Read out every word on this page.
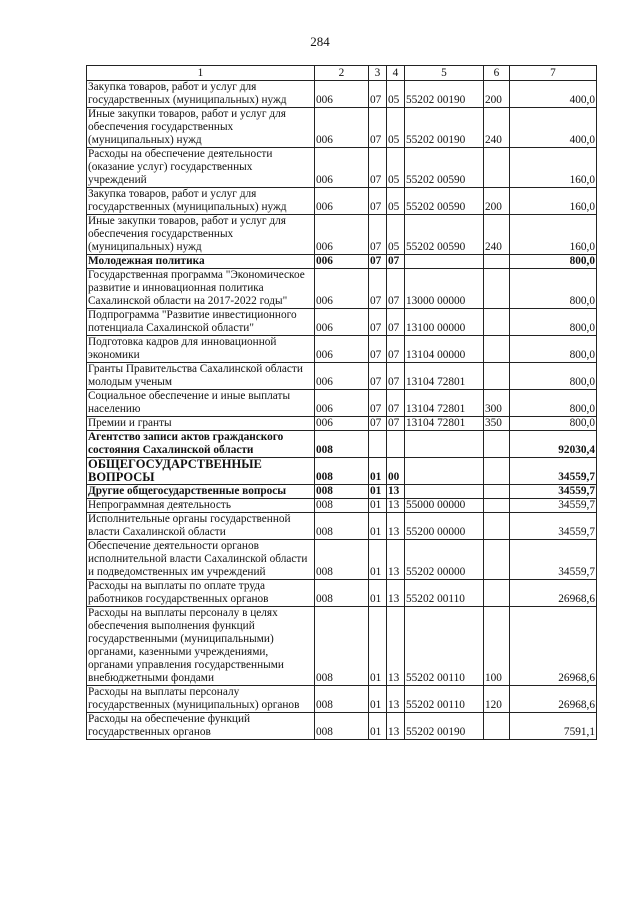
284
1	2	3	4	5	6	7
Закупка товаров, работ и услуг для государственных (муниципальных) нужд	006	07	05	55202 00190	200	400,0
Иные закупки товаров, работ и услуг для обеспечения государственных (муниципальных) нужд	006	07	05	55202 00190	240	400,0
Расходы на обеспечение деятельности (оказание услуг) государственных учреждений	006	07	05	55202 00590		160,0
Закупка товаров, работ и услуг для государственных (муниципальных) нужд	006	07	05	55202 00590	200	160,0
Иные закупки товаров, работ и услуг для обеспечения государственных (муниципальных) нужд	006	07	05	55202 00590	240	160,0
Молодежная политика	006	07	07			800,0
Государственная программа "Экономическое развитие и инновационная политика Сахалинской области на 2017-2022 годы"	006	07	07	13000 00000		800,0
Подпрограмма "Развитие инвестиционного потенциала Сахалинской области"	006	07	07	13100 00000		800,0
Подготовка кадров для инновационной экономики	006	07	07	13104 00000		800,0
Гранты Правительства Сахалинской области молодым ученым	006	07	07	13104 72801		800,0
Социальное обеспечение и иные выплаты населению	006	07	07	13104 72801	300	800,0
Премии и гранты	006	07	07	13104 72801	350	800,0
Агентство записи актов гражданского состояния Сахалинской области	008					92030,4
ОБЩЕГОСУДАРСТВЕННЫЕ ВОПРОСЫ	008	01	00			34559,7
Другие общегосударственные вопросы	008	01	13			34559,7
Непрограммная деятельность	008	01	13	55000 00000		34559,7
Исполнительные органы государственной власти Сахалинской области	008	01	13	55200 00000		34559,7
Обеспечение деятельности органов исполнительной власти Сахалинской области и подведомственных им учреждений	008	01	13	55202 00000		34559,7
Расходы на выплаты по оплате труда работников государственных органов	008	01	13	55202 00110		26968,6
Расходы на выплаты персоналу в целях обеспечения выполнения функций государственными (муниципальными) органами, казенными учреждениями, органами управления государственными внебюджетными фондами	008	01	13	55202 00110	100	26968,6
Расходы на выплаты персоналу государственных (муниципальных) органов	008	01	13	55202 00110	120	26968,6
Расходы на обеспечение функций государственных органов	008	01	13	55202 00190		7591,1
